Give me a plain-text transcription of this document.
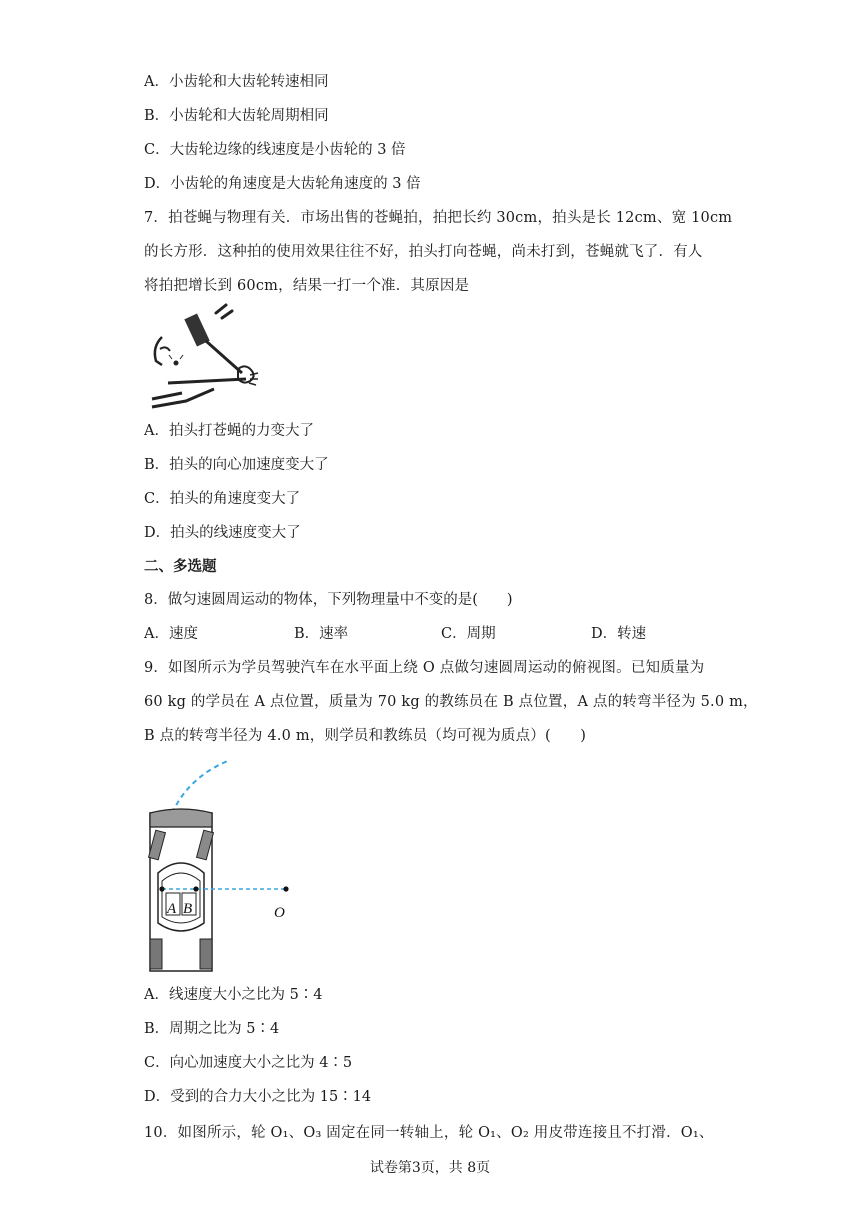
A．小齿轮和大齿轮转速相同
B．小齿轮和大齿轮周期相同
C．大齿轮边缘的线速度是小齿轮的 3 倍
D．小齿轮的角速度是大齿轮角速度的 3 倍
7．拍苍蝇与物理有关．市场出售的苍蝇拍，拍把长约 30cm，拍头是长 12cm、宽 10cm
的长方形．这种拍的使用效果往往不好，拍头打向苍蝇，尚未打到，苍蝇就飞了．有人
将拍把增长到 60cm，结果一打一个准．其原因是
A．拍头打苍蝇的力变大了
B．拍头的向心加速度变大了
C．拍头的角速度变大了
D．拍头的线速度变大了
二、多选题
8．做匀速圆周运动的物体，下列物理量中不变的是(　　)
A．速度	B．速率	C．周期	D．转速
9．如图所示为学员驾驶汽车在水平面上绕 O 点做匀速圆周运动的俯视图。已知质量为
60 kg 的学员在 A 点位置，质量为 70 kg 的教练员在 B 点位置，A 点的转弯半径为 5.0 m，
B 点的转弯半径为 4.0 m，则学员和教练员（均可视为质点）(　　)
A B	O
A．线速度大小之比为 5∶4
B．周期之比为 5∶4
C．向心加速度大小之比为 4∶5
D．受到的合力大小之比为 15∶14
10．如图所示，轮 O₁、O₃ 固定在同一转轴上，轮 O₁、O₂ 用皮带连接且不打滑．O₁、
试卷第3页，共 8页
